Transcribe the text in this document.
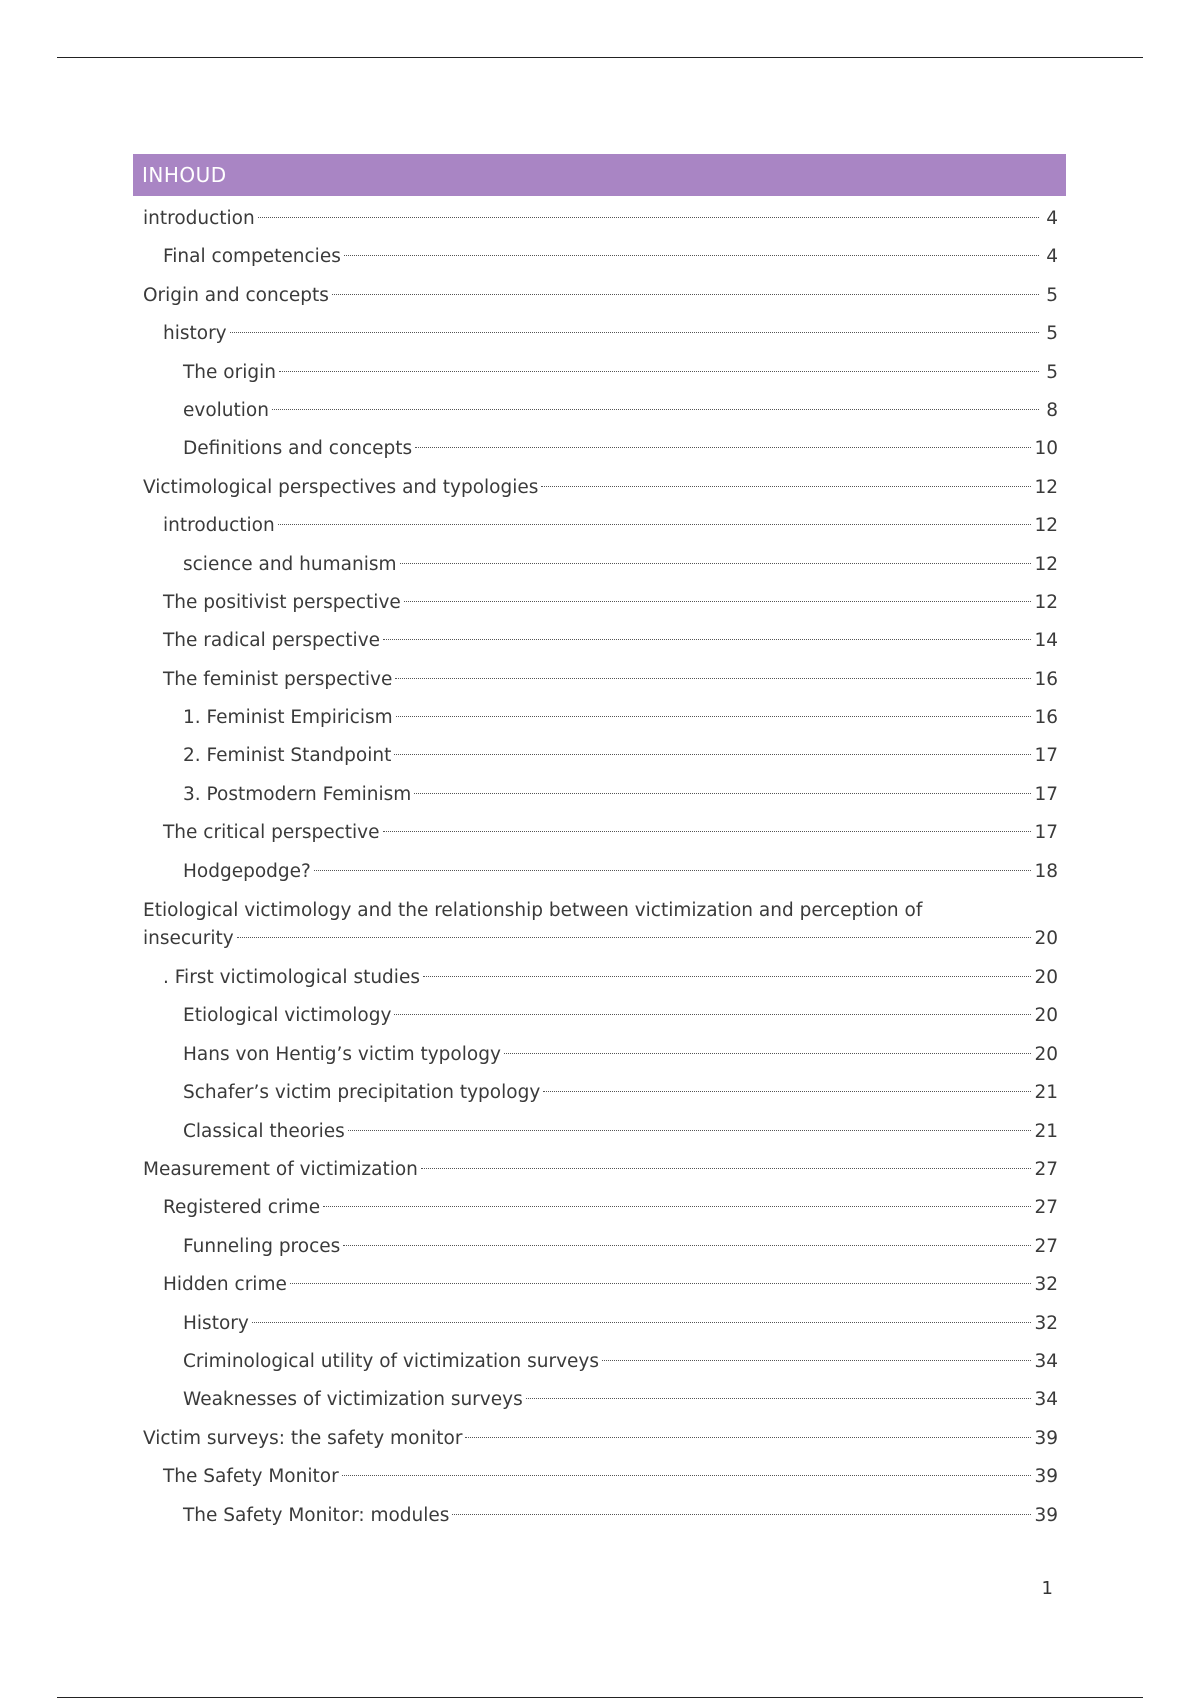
INHOUD
introduction	4
Final competencies	4
Origin and concepts	5
history	5
The origin	5
evolution	8
Definitions and concepts	10
Victimological perspectives and typologies	12
introduction	12
science and humanism	12
The positivist perspective	12
The radical perspective	14
The feminist perspective	16
1. Feminist Empiricism	16
2. Feminist Standpoint	17
3. Postmodern Feminism	17
The critical perspective	17
Hodgepodge?	18
Etiological victimology and the relationship between victimization and perception of
insecurity	20
. First victimological studies	20
Etiological victimology	20
Hans von Hentig’s victim typology	20
Schafer’s victim precipitation typology	21
Classical theories	21
Measurement of victimization	27
Registered crime	27
Funneling proces	27
Hidden crime	32
History	32
Criminological utility of victimization surveys	34
Weaknesses of victimization surveys	34
Victim surveys: the safety monitor	39
The Safety Monitor	39
The Safety Monitor: modules	39
1
